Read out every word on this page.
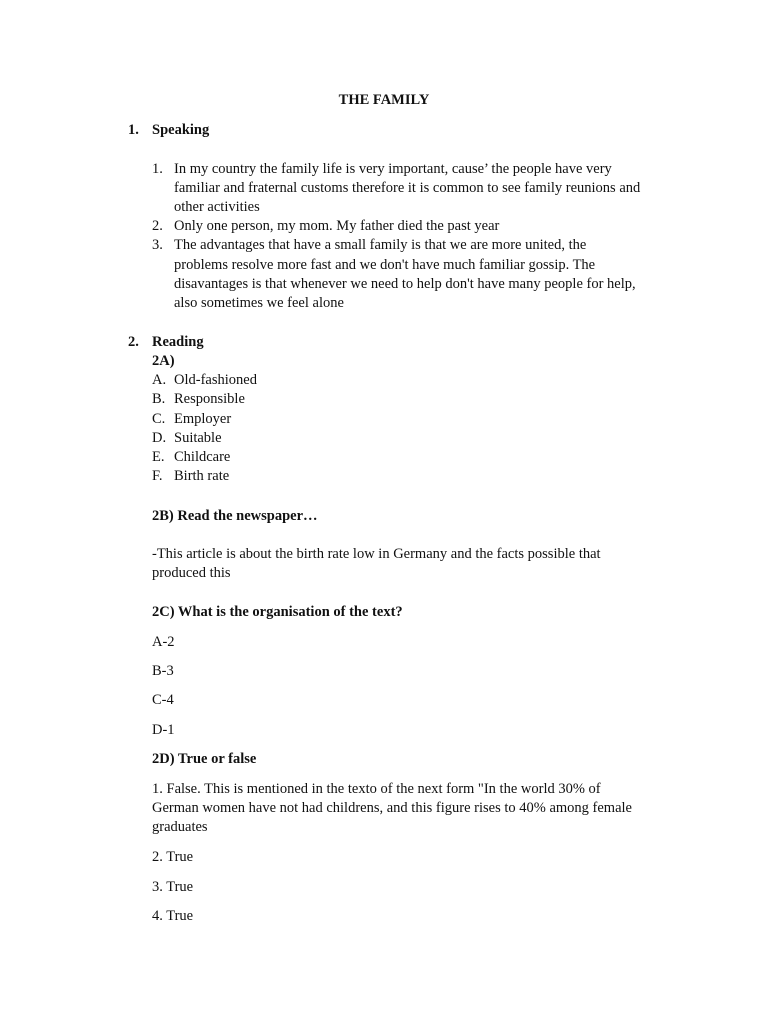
THE FAMILY
1. Speaking
1. In my country the family life is very important, cause’ the people have very
familiar and fraternal customs therefore it is common to see family reunions and
other activities
2. Only one person, my mom. My father died the past year
3. The advantages that have a small family is that we are more united, the
problems resolve more fast and we don't have much familiar gossip. The
disavantages is that whenever we need to help don't have many people for help,
also sometimes we feel alone
2. Reading
2A)
A. Old-fashioned
B. Responsible
C. Employer
D. Suitable
E. Childcare
F. Birth rate
2B) Read the newspaper…
-This article is about the birth rate low in Germany and the facts possible that
produced this
2C) What is the organisation of the text?
A-2
B-3
C-4
D-1
2D) True or false
1. False. This is mentioned in the texto of the next form "In the world 30% of
German women have not had childrens, and this figure rises to 40% among female
graduates
2. True
3. True
4. True
